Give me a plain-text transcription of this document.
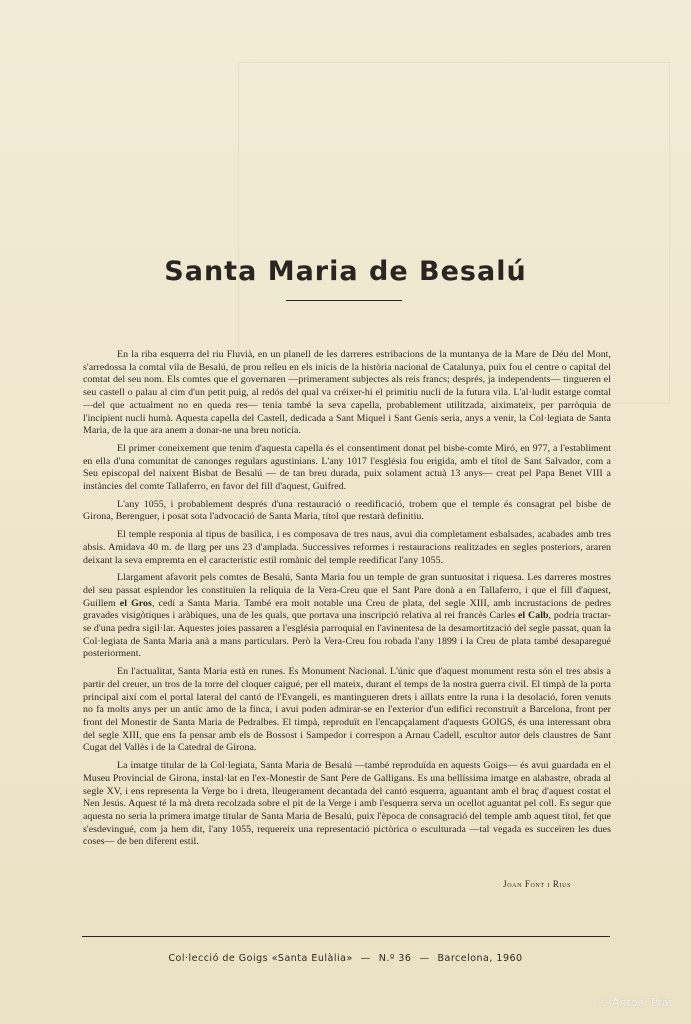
Santa Maria de Besalú

En la riba esquerra del riu Fluvià, en un planell de les darreres estribacions de la muntanya de la Mare de Déu del Mont, s'arredossa la comtal vila de Besalú, de prou relleu en els inicis de la història nacional de Catalunya, puix fou el centre o capital del comtat del seu nom. Els comtes que el governaren —primerament subjectes als reis francs; després, ja independents— tingueren el seu castell o palau al cim d'un petit puig, al redós del qual va créixer-hi el primitiu nucli de la futura vila. L'al·ludit estatge comtal —del que actualment no en queda res— tenia també la seva capella, probablement utilitzada, aiximateix, per parròquia de l'incipient nucli humà. Aquesta capella del Castell, dedicada a Sant Miquel i Sant Genís seria, anys a venir, la Col·legiata de Santa Maria, de la que ara anem a donar-ne una breu notícia.

El primer coneixement que tenim d'aquesta capella és el consentiment donat pel bisbe-comte Miró, en 977, a l'establiment en ella d'una comunitat de canonges regulars agustinians. L'any 1017 l'església fou erigida, amb el títol de Sant Salvador, com a Seu episcopal del naixent Bisbat de Besalú — de tan breu durada, puix solament actuà 13 anys— creat pel Papa Benet VIII a instàncies del comte Tallaferro, en favor del fill d'aquest, Guifred.

L'any 1055, i probablement després d'una restauració o reedificació, trobem que el temple és consagrat pel bisbe de Girona, Berenguer, i posat sota l'advocació de Santa Maria, títol que restarà definitiu.

El temple responia al tipus de basílica, i es composava de tres naus, avui dia completament esbalsades, acabades amb tres absis. Amidava 40 m. de llarg per uns 23 d'amplada. Successives reformes i restauracions realitzades en segles posteriors, araren deixant la seva empremta en el característic estil romànic del temple reedificat l'any 1055.

Llargament afavorit pels comtes de Besalú, Santa Maria fou un temple de gran suntuositat i riquesa. Les darreres mostres del seu passat esplendor les constituïen la relíquia de la Vera-Creu que el Sant Pare donà a en Tallaferro, i que el fill d'aquest, Guillem el Gros, cedí a Santa Maria. També era molt notable una Creu de plata, del segle XIII, amb incrustacions de pedres gravades visigòtiques i aràbiques, una de les quals, que portava una inscripció relativa al rei francès Carles el Calb, podria tractar-se d'una pedra sigil·lar. Aquestes joies passaren a l'església parroquial en l'avinentesa de la desamortització del segle passat, quan la Col·legiata de Santa Maria anà a mans particulars. Però la Vera-Creu fou robada l'any 1899 i la Creu de plata també desaparegué posteriorment.

En l'actualitat, Santa Maria està en runes. Es Monument Nacional. L'únic que d'aquest monument resta són el tres absis a partir del creuer, un tros de la torre del cloquer caigué, per ell mateix, durant el temps de la nostra guerra civil. El timpà de la porta principal així com el portal lateral del cantó de l'Evangeli, es mantingueren drets i aïllats entre la runa i la desolació, foren venuts no fa molts anys per un antic amo de la finca, i avui poden admirar-se en l'exterior d'un edifici reconstruït a Barcelona, front per front del Monestir de Santa Maria de Pedralbes. El timpà, reproduït en l'encapçalament d'aquests GOIGS, és una interessant obra del segle XIII, que ens fa pensar amb els de Bossost i Sampedor i correspon a Arnau Cadell, escultor autor dels claustres de Sant Cugat del Vallès i de la Catedral de Girona.

La imatge titular de la Col·legiata, Santa Maria de Besalú —també reproduïda en aquests Goigs— és avui guardada en el Museu Provincial de Girona, instal·lat en l'ex-Monestir de Sant Pere de Galligans. Es una bellíssima imatge en alabastre, obrada al segle XV, i ens representa la Verge bo i dreta, lleugerament decantada del cantó esquerra, aguantant amb el braç d'aquest costat el Nen Jesús. Aquest té la mà dreta recolzada sobre el pit de la Verge i amb l'esquerra serva un ocellot aguantat pel coll. Es segur que aquesta no seria la primera imatge titular de Santa Maria de Besalú, puix l'època de consagració del temple amb aquest títol, fet que s'esdevingué, com ja hem dit, l'any 1055, requereix una representació pictòrica o esculturada —tal vegada es succeïren les dues coses— de ben diferent estil.

Joan Font i Rius
Col·lecció de Goigs «Santa Eulàlia» — N.º 36 — Barcelona, 1960
© Antoni Prat
